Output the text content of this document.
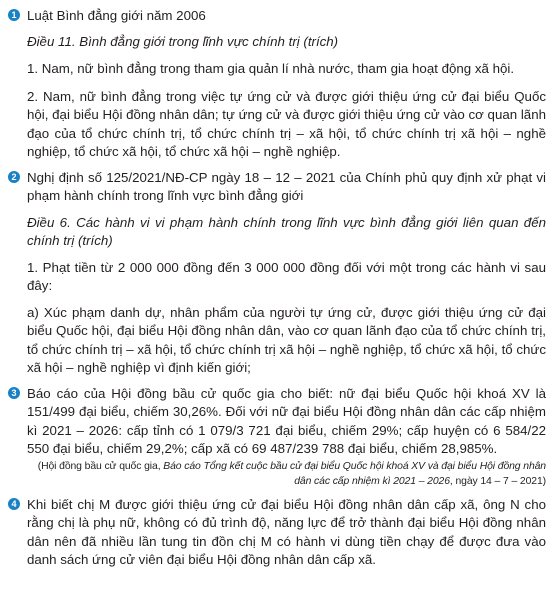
1 Luật Bình đẳng giới năm 2006

Điều 11. Bình đẳng giới trong lĩnh vực chính trị (trích)

1. Nam, nữ bình đẳng trong tham gia quản lí nhà nước, tham gia hoạt động xã hội.

2. Nam, nữ bình đẳng trong việc tự ứng cử và được giới thiệu ứng cử đại biểu Quốc hội, đại biểu Hội đồng nhân dân; tự ứng cử và được giới thiệu ứng cử vào cơ quan lãnh đạo của tổ chức chính trị, tổ chức chính trị – xã hội, tổ chức chính trị xã hội – nghề nghiệp, tổ chức xã hội, tổ chức xã hội – nghề nghiệp.

2 Nghị định số 125/2021/NĐ-CP ngày 18 – 12 – 2021 của Chính phủ quy định xử phạt vi phạm hành chính trong lĩnh vực bình đẳng giới

Điều 6. Các hành vi vi phạm hành chính trong lĩnh vực bình đẳng giới liên quan đến chính trị (trích)

1. Phạt tiền từ 2 000 000 đồng đến 3 000 000 đồng đối với một trong các hành vi sau đây:

a) Xúc phạm danh dự, nhân phẩm của người tự ứng cử, được giới thiệu ứng cử đại biểu Quốc hội, đại biểu Hội đồng nhân dân, vào cơ quan lãnh đạo của tổ chức chính trị, tổ chức chính trị – xã hội, tổ chức chính trị xã hội – nghề nghiệp, tổ chức xã hội, tổ chức xã hội – nghề nghiệp vì định kiến giới;

3 Báo cáo của Hội đồng bầu cử quốc gia cho biết: nữ đại biểu Quốc hội khoá XV là 151/499 đại biểu, chiếm 30,26%. Đối với nữ đại biểu Hội đồng nhân dân các cấp nhiệm kì 2021 – 2026: cấp tỉnh có 1 079/3 721 đại biểu, chiếm 29%; cấp huyện có 6 584/22 550 đại biểu, chiếm 29,2%; cấp xã có 69 487/239 788 đại biểu, chiếm 28,985%.

(Hội đồng bầu cử quốc gia, Báo cáo Tổng kết cuộc bầu cử đại biểu Quốc hội khoá XV và đại biểu Hội đồng nhân dân các cấp nhiệm kì 2021 – 2026, ngày 14 – 7 – 2021)

4 Khi biết chị M được giới thiệu ứng cử đại biểu Hội đồng nhân dân cấp xã, ông N cho rằng chị là phụ nữ, không có đủ trình độ, năng lực để trở thành đại biểu Hội đồng nhân dân nên đã nhiều lần tung tin đồn chị M có hành vi dùng tiền chạy để được đưa vào danh sách ứng cử viên đại biểu Hội đồng nhân dân cấp xã.
